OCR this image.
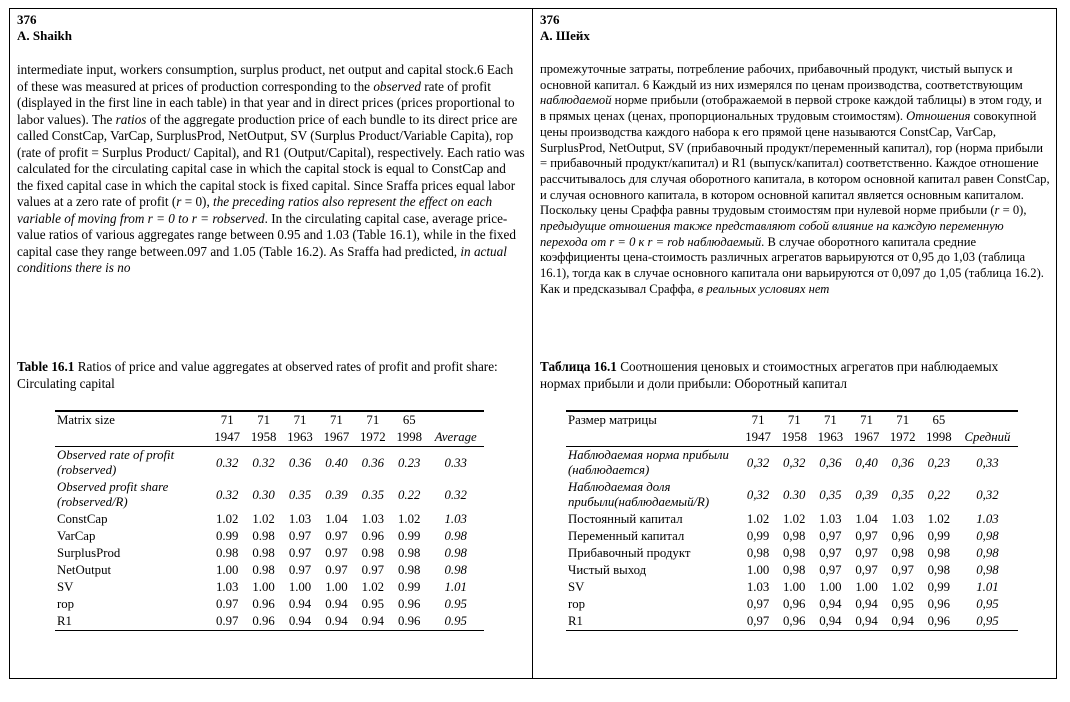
376
A. Shaikh
intermediate input, workers consumption, surplus product, net output and capital stock.6 Each of these was measured at prices of production corresponding to the observed rate of profit (displayed in the first line in each table) in that year and in direct prices (prices proportional to labor values). The ratios of the aggregate production price of each bundle to its direct price are called ConstCap, VarCap, SurplusProd, NetOutput, SV (Surplus Product/Variable Capita), rop (rate of profit = Surplus Product/ Capital), and R1 (Output/Capital), respectively. Each ratio was calculated for the circulating capital case in which the capital stock is equal to ConstCap and the fixed capital case in which the capital stock is fixed capital. Since Sraffa prices equal labor values at a zero rate of profit (r = 0), the preceding ratios also represent the effect on each variable of moving from r = 0 to r = robserved. In the circulating capital case, average price-value ratios of various aggregates range between 0.95 and 1.03 (Table 16.1), while in the fixed capital case they range between.097 and 1.05 (Table 16.2). As Sraffa had predicted, in actual conditions there is no
Table 16.1 Ratios of price and value aggregates at observed rates of profit and profit share: Circulating capital
Matrix size	71	71	71	71	71	65	
	1947	1958	1963	1967	1972	1998	Average
Observed rate of profit (robserved)	0.32	0.32	0.36	0.40	0.36	0.23	0.33
Observed profit share (robserved/R)	0.32	0.30	0.35	0.39	0.35	0.22	0.32
ConstCap	1.02	1.02	1.03	1.04	1.03	1.02	1.03
VarCap	0.99	0.98	0.97	0.97	0.96	0.99	0.98
SurplusProd	0.98	0.98	0.97	0.97	0.98	0.98	0.98
NetOutput	1.00	0.98	0.97	0.97	0.97	0.98	0.98
SV	1.03	1.00	1.00	1.00	1.02	0.99	1.01
rop	0.97	0.96	0.94	0.94	0.95	0.96	0.95
R1	0.97	0.96	0.94	0.94	0.94	0.96	0.95
376
А. Шейх
промежуточные затраты, потребление рабочих, прибавочный продукт, чистый выпуск и основной капитал. 6 Каждый из них измерялся по ценам производства, соответствующим наблюдаемой норме прибыли (отображаемой в первой строке каждой таблицы) в этом году, и в прямых ценах (ценах, пропорциональных трудовым стоимостям). Отношения совокупной цены производства каждого набора к его прямой цене называются ConstCap, VarCap, SurplusProd, NetOutput, SV (прибавочный продукт/переменный капитал), rop (норма прибыли = прибавочный продукт/капитал) и R1 (выпуск/капитал) соответственно. Каждое отношение рассчитывалось для случая оборотного капитала, в котором основной капитал равен ConstCap, и случая основного капитала, в котором основной капитал является основным капиталом. Поскольку цены Сраффа равны трудовым стоимостям при нулевой норме прибыли (r = 0), предыдущие отношения также представляют собой влияние на каждую переменную перехода от r = 0 к r = rob наблюдаемый. В случае оборотного капитала средние коэффициенты цена-стоимость различных агрегатов варьируются от 0,95 до 1,03 (таблица 16.1), тогда как в случае основного капитала они варьируются от 0,097 до 1,05 (таблица 16.2). Как и предсказывал Сраффа, в реальных условиях нет
Таблица 16.1 Соотношения ценовых и стоимостных агрегатов при наблюдаемых нормах прибыли и доли прибыли: Оборотный капитал
Размер матрицы	71	71	71	71	71	65	
	1947	1958	1963	1967	1972	1998	Средний
Наблюдаемая норма прибыли (наблюдается)	0,32	0,32	0,36	0,40	0,36	0,23	0,33
Наблюдаемая доля прибыли(наблюдаемый/R)	0,32	0.30	0,35	0,39	0,35	0,22	0,32
Постоянный капитал	1.02	1.02	1.03	1.04	1.03	1.02	1.03
Переменный капитал	0,99	0,98	0,97	0,97	0,96	0,99	0,98
Прибавочный продукт	0,98	0,98	0,97	0,97	0,98	0,98	0,98
Чистый выход	1.00	0,98	0,97	0,97	0,97	0,98	0,98
SV	1.03	1.00	1.00	1.00	1.02	0,99	1.01
rop	0,97	0,96	0,94	0,94	0,95	0,96	0,95
R1	0,97	0,96	0,94	0,94	0,94	0,96	0,95
